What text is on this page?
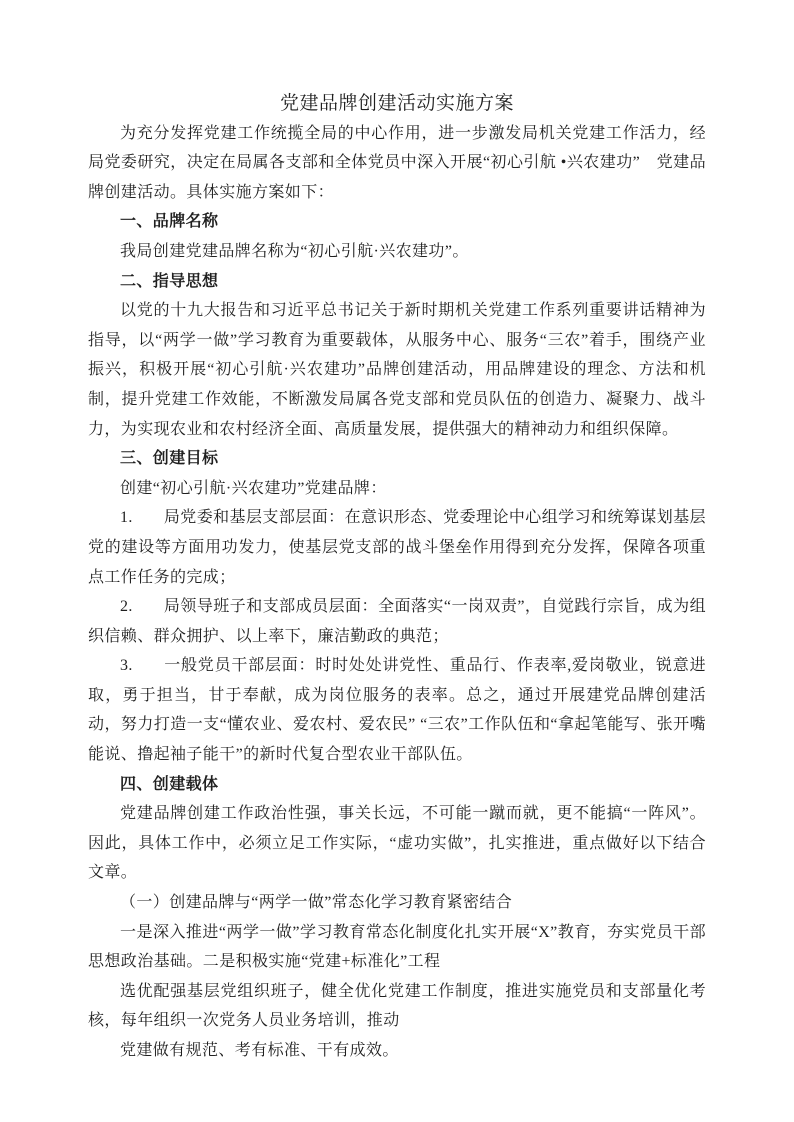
党建品牌创建活动实施方案

为充分发挥党建工作统揽全局的中心作用，进一步激发局机关党建工作活力，经局党委研究，决定在局属各支部和全体党员中深入开展“初心引航 •兴农建功”　党建品牌创建活动。具体实施方案如下：

一、品牌名称

我局创建党建品牌名称为“初心引航·兴农建功”。

二、指导思想

以党的十九大报告和习近平总书记关于新时期机关党建工作系列重要讲话精神为指导，以“两学一做”学习教育为重要载体，从服务中心、服务“三农”着手，围绕产业振兴，积极开展“初心引航·兴农建功”品牌创建活动，用品牌建设的理念、方法和机制，提升党建工作效能，不断激发局属各党支部和党员队伍的创造力、凝聚力、战斗力，为实现农业和农村经济全面、高质量发展，提供强大的精神动力和组织保障。

三、创建目标

创建“初心引航·兴农建功”党建品牌：

1. 局党委和基层支部层面：在意识形态、党委理论中心组学习和统筹谋划基层党的建设等方面用功发力，使基层党支部的战斗堡垒作用得到充分发挥，保障各项重点工作任务的完成；

2. 局领导班子和支部成员层面：全面落实“一岗双责”，自觉践行宗旨，成为组织信赖、群众拥护、以上率下，廉洁勤政的典范；

3. 一般党员干部层面：时时处处讲党性、重品行、作表率,爱岗敬业，锐意进取，勇于担当，甘于奉献，成为岗位服务的表率。总之，通过开展建党品牌创建活动，努力打造一支“懂农业、爱农村、爱农民” “三农”工作队伍和“拿起笔能写、张开嘴能说、撸起袖子能干”的新时代复合型农业干部队伍。

四、创建载体

党建品牌创建工作政治性强，事关长远，不可能一蹴而就，更不能搞“一阵风”。因此，具体工作中，必须立足工作实际，“虚功实做”，扎实推进，重点做好以下结合文章。

（一）创建品牌与“两学一做”常态化学习教育紧密结合

一是深入推进“两学一做”学习教育常态化制度化扎实开展“X”教育，夯实党员干部思想政治基础。二是积极实施“党建+标准化”工程

选优配强基层党组织班子，健全优化党建工作制度，推进实施党员和支部量化考核，每年组织一次党务人员业务培训，推动

党建做有规范、考有标准、干有成效。
